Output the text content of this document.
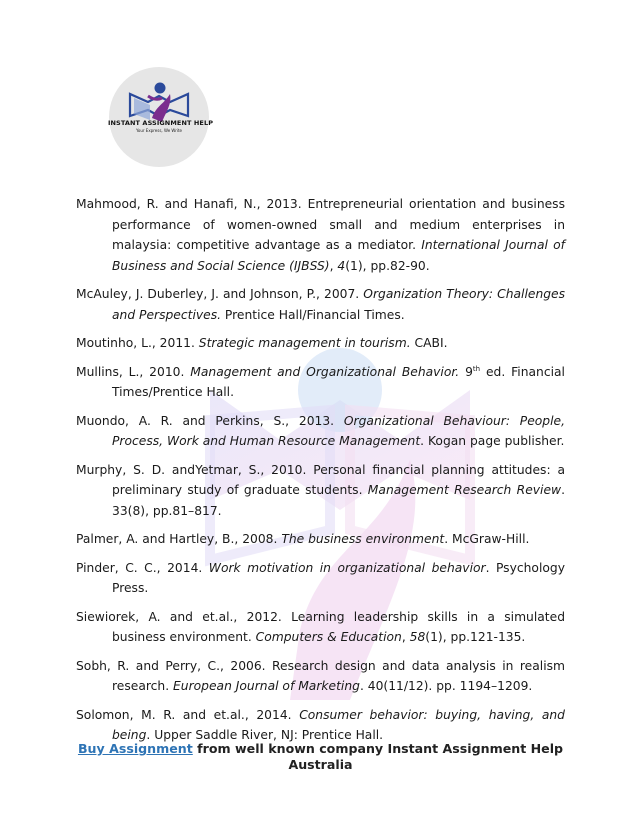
INSTANT ASSIGNMENT HELP
Your Express, We Write

Mahmood, R. and Hanafi, N., 2013. Entrepreneurial orientation and business performance of women-owned small and medium enterprises in malaysia: competitive advantage as a mediator. International Journal of Business and Social Science (IJBSS), 4(1), pp.82-90.

McAuley, J. Duberley, J. and Johnson, P., 2007. Organization Theory: Challenges and Perspectives. Prentice Hall/Financial Times.

Moutinho, L., 2011. Strategic management in tourism. CABI.

Mullins, L., 2010. Management and Organizational Behavior. 9th ed. Financial Times/Prentice Hall.

Muondo, A. R. and Perkins, S., 2013. Organizational Behaviour: People, Process, Work and Human Resource Management. Kogan page publisher.

Murphy, S. D. andYetmar, S., 2010. Personal financial planning attitudes: a preliminary study of graduate students. Management Research Review. 33(8), pp.81–817.

Palmer, A. and Hartley, B., 2008. The business environment. McGraw-Hill.

Pinder, C. C., 2014. Work motivation in organizational behavior. Psychology Press.

Siewiorek, A. and et.al., 2012. Learning leadership skills in a simulated business environment. Computers & Education, 58(1), pp.121-135.

Sobh, R. and Perry, C., 2006. Research design and data analysis in realism research. European Journal of Marketing. 40(11/12). pp. 1194–1209.

Solomon, M. R. and et.al., 2014. Consumer behavior: buying, having, and being. Upper Saddle River, NJ: Prentice Hall.

Buy Assignment from well known company Instant Assignment Help Australia
